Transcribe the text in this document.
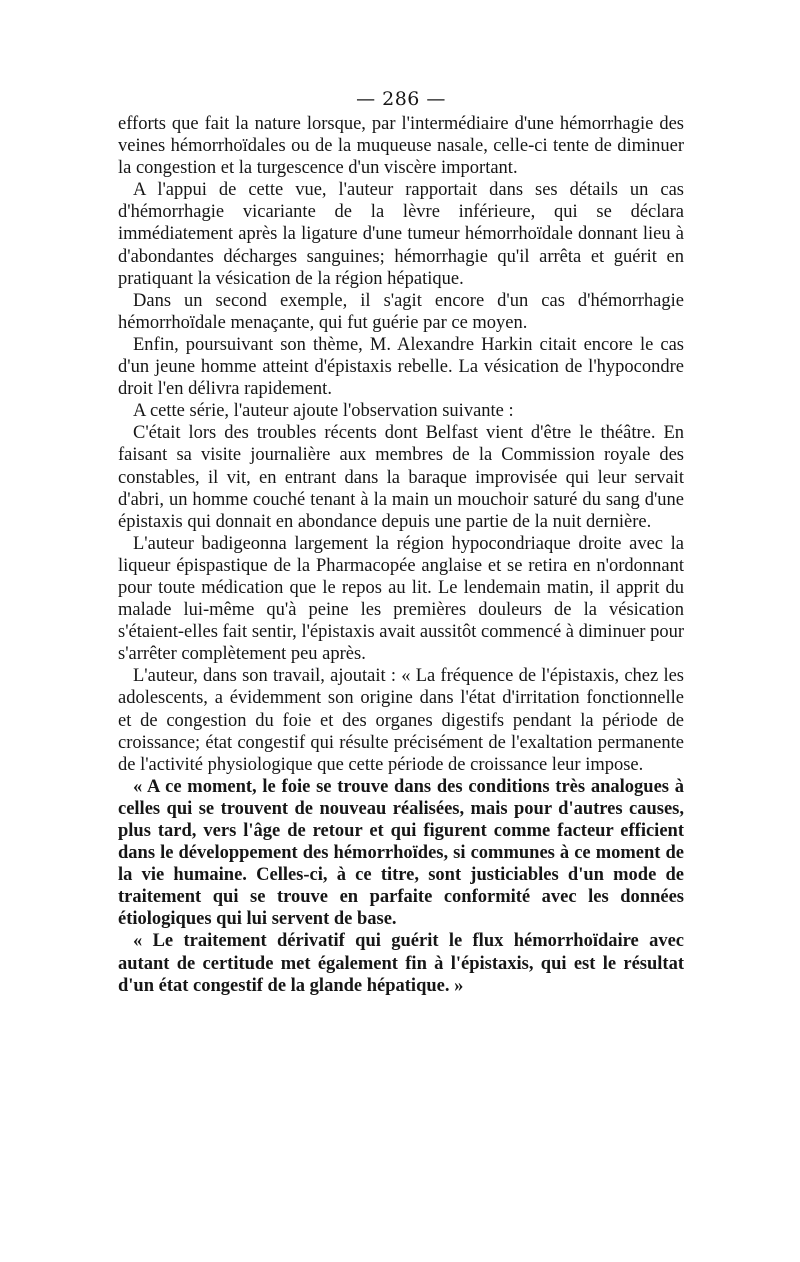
— 286 —

efforts que fait la nature lorsque, par l'intermédiaire d'une hémorrhagie des veines hémorrhoïdales ou de la muqueuse nasale, celle-ci tente de diminuer la congestion et la turgescence d'un viscère important.

A l'appui de cette vue, l'auteur rapportait dans ses détails un cas d'hémorrhagie vicariante de la lèvre inférieure, qui se déclara immédiatement après la ligature d'une tumeur hémorrhoïdale donnant lieu à d'abondantes décharges sanguines; hémorrhagie qu'il arrêta et guérit en pratiquant la vésication de la région hépatique.

Dans un second exemple, il s'agit encore d'un cas d'hémorrhagie hémorrhoïdale menaçante, qui fut guérie par ce moyen.

Enfin, poursuivant son thème, M. Alexandre Harkin citait encore le cas d'un jeune homme atteint d'épistaxis rebelle. La vésication de l'hypocondre droit l'en délivra rapidement.

A cette série, l'auteur ajoute l'observation suivante :

C'était lors des troubles récents dont Belfast vient d'être le théâtre. En faisant sa visite journalière aux membres de la Commission royale des constables, il vit, en entrant dans la baraque improvisée qui leur servait d'abri, un homme couché tenant à la main un mouchoir saturé du sang d'une épistaxis qui donnait en abondance depuis une partie de la nuit dernière.

L'auteur badigeonna largement la région hypocondriaque droite avec la liqueur épispastique de la Pharmacopée anglaise et se retira en n'ordonnant pour toute médication que le repos au lit. Le lendemain matin, il apprit du malade lui-même qu'à peine les premières douleurs de la vésication s'étaient-elles fait sentir, l'épistaxis avait aussitôt commencé à diminuer pour s'arrêter complètement peu après.

L'auteur, dans son travail, ajoutait : « La fréquence de l'épistaxis, chez les adolescents, a évidemment son origine dans l'état d'irritation fonctionnelle et de congestion du foie et des organes digestifs pendant la période de croissance; état congestif qui résulte précisément de l'exaltation permanente de l'activité physiologique que cette période de croissance leur impose.

« A ce moment, le foie se trouve dans des conditions très analogues à celles qui se trouvent de nouveau réalisées, mais pour d'autres causes, plus tard, vers l'âge de retour et qui figurent comme facteur efficient dans le développement des hémorrhoïdes, si communes à ce moment de la vie humaine. Celles-ci, à ce titre, sont justiciables d'un mode de traitement qui se trouve en parfaite conformité avec les données étiologiques qui lui servent de base.

« Le traitement dérivatif qui guérit le flux hémorrhoïdaire avec autant de certitude met également fin à l'épistaxis, qui est le résultat d'un état congestif de la glande hépatique. »
